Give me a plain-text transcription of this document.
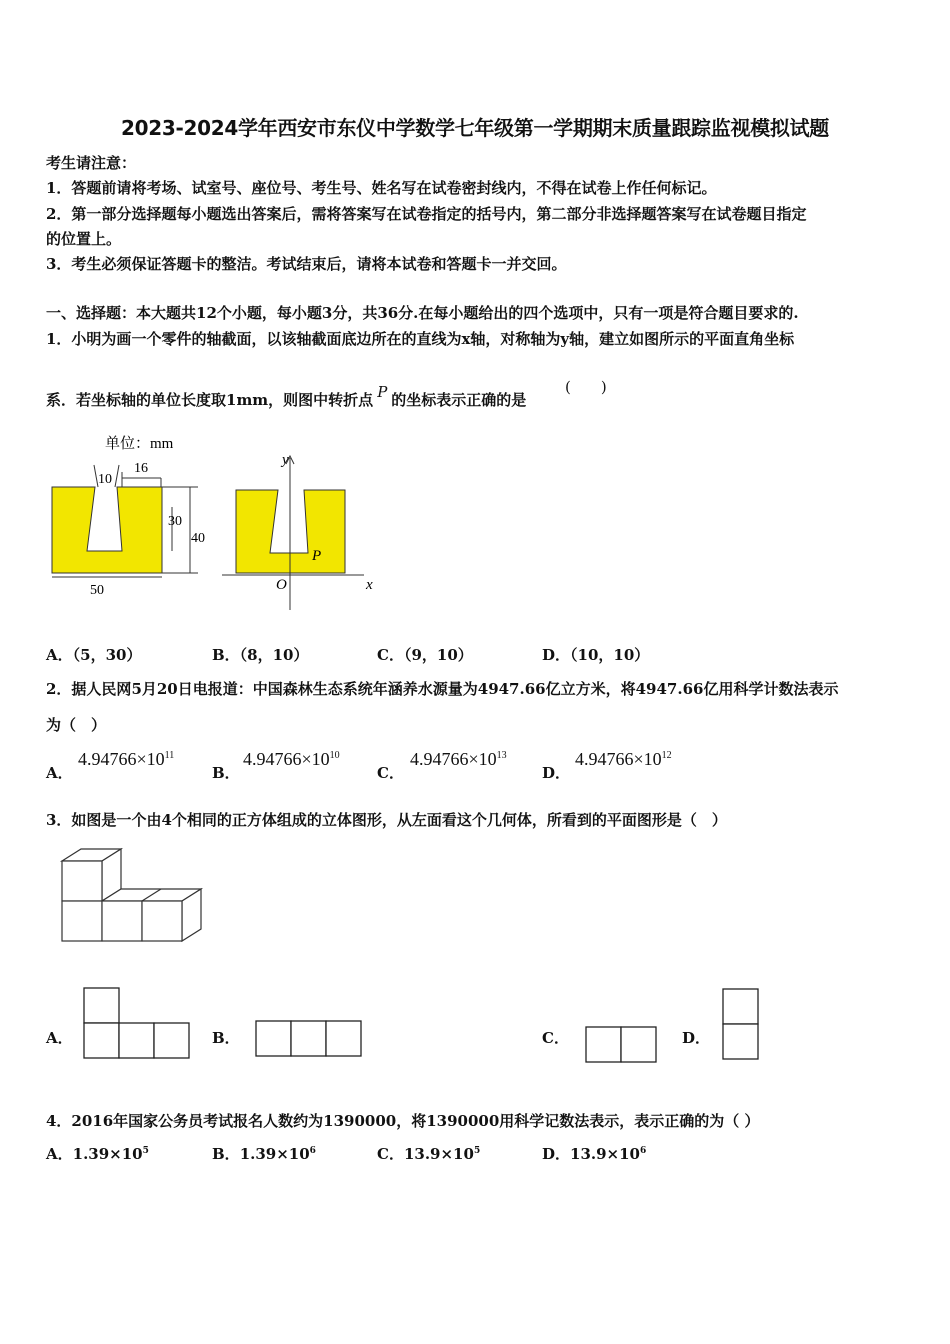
2023-2024学年西安市东仪中学数学七年级第一学期期末质量跟踪监视模拟试题
考生请注意：
1．答题前请将考场、试室号、座位号、考生号、姓名写在试卷密封线内，不得在试卷上作任何标记。
2．第一部分选择题每小题选出答案后，需将答案写在试卷指定的括号内，第二部分非选择题答案写在试卷题目指定
的位置上。
3．考生必须保证答题卡的整洁。考试结束后，请将本试卷和答题卡一并交回。
一、选择题：本大题共12个小题，每小题3分，共36分.在每小题给出的四个选项中，只有一项是符合题目要求的.
1．小明为画一个零件的轴截面，以该轴截面底边所在的直线为x轴，对称轴为y轴，建立如图所示的平面直角坐标
系．若坐标轴的单位长度取1mm，则图中转折点 P 的坐标表示正确的是
(　　)
单位：mm
10
16
30
40
50
y
x
O
P
A．（5，30）	B．（8，10）	C．（9，10）	D．（10，10）
2．据人民网5月20日电报道：中国森林生态系统年涵养水源量为4947.66亿立方米，将4947.66亿用科学计数法表示
为（　）
A．
$4.94766\times 10^{11}$
B．
$4.94766\times 10^{10}$
C．
$4.94766\times 10^{13}$
D．
$4.94766\times 10^{12}$
3．如图是一个由4个相同的正方体组成的立体图形，从左面看这个几何体，所看到的平面图形是（　）
A．	B．	C．	D．
4．2016年国家公务员考试报名人数约为1390000，将1390000用科学记数法表示，表示正确的为（ ）
A．$1.39\times 10^5$	B．$1.39\times 10^6$	C．$13.9\times 10^5$	D．$13.9\times 10^6$
